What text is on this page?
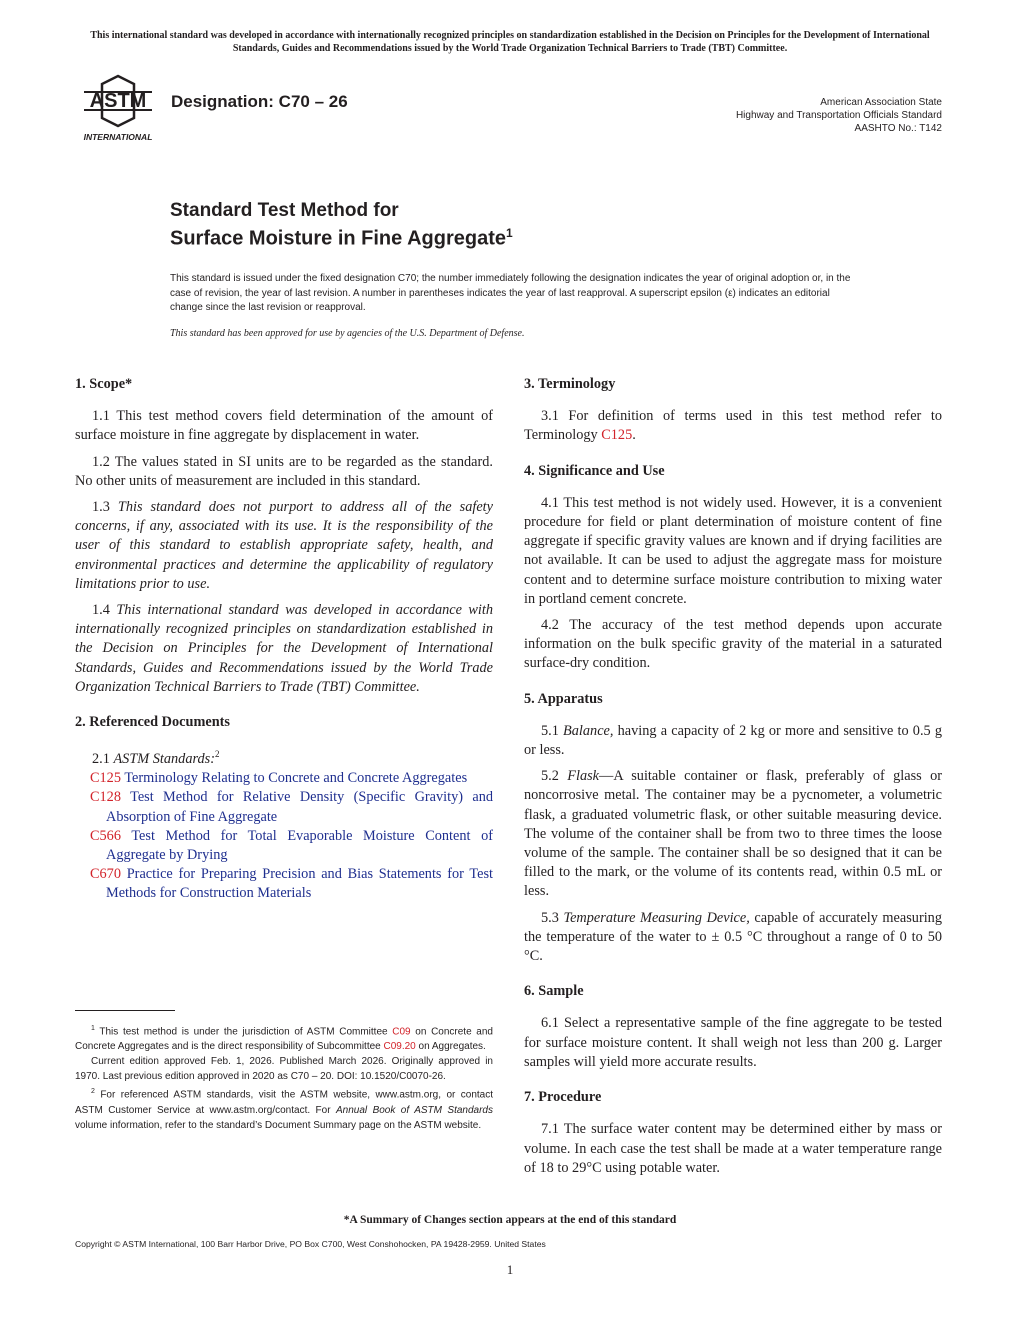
This international standard was developed in accordance with internationally recognized principles on standardization established in the Decision on Principles for the Development of International Standards, Guides and Recommendations issued by the World Trade Organization Technical Barriers to Trade (TBT) Committee.
ASTM
INTERNATIONAL
Designation: C70 – 26	American Association State
Highway and Transportation Officials Standard
AASHTO No.: T142
Standard Test Method for
Surface Moisture in Fine Aggregate$^1$
This standard is issued under the fixed designation C70; the number immediately following the designation indicates the year of original adoption or, in the case of revision, the year of last revision. A number in parentheses indicates the year of last reapproval. A superscript epsilon (ε) indicates an editorial change since the last revision or reapproval.
This standard has been approved for use by agencies of the U.S. Department of Defense.
1. Scope*

1.1 This test method covers field determination of the amount of surface moisture in fine aggregate by displacement in water.

1.2 The values stated in SI units are to be regarded as the standard. No other units of measurement are included in this standard.

1.3 This standard does not purport to address all of the safety concerns, if any, associated with its use. It is the responsibility of the user of this standard to establish appropriate safety, health, and environmental practices and determine the applicability of regulatory limitations prior to use.

1.4 This international standard was developed in accordance with internationally recognized principles on standardization established in the Decision on Principles for the Development of International Standards, Guides and Recommendations issued by the World Trade Organization Technical Barriers to Trade (TBT) Committee.

2. Referenced Documents

2.1 ASTM Standards:$^2$

C125 Terminology Relating to Concrete and Concrete Aggregates

C128 Test Method for Relative Density (Specific Gravity) and Absorption of Fine Aggregate

C566 Test Method for Total Evaporable Moisture Content of Aggregate by Drying

C670 Practice for Preparing Precision and Bias Statements for Test Methods for Construction Materials

3. Terminology

3.1 For definition of terms used in this test method refer to Terminology C125.

4. Significance and Use

4.1 This test method is not widely used. However, it is a convenient procedure for field or plant determination of moisture content of fine aggregate if specific gravity values are known and if drying facilities are not available. It can be used to adjust the aggregate mass for moisture content and to determine surface moisture contribution to mixing water in portland cement concrete.

4.2 The accuracy of the test method depends upon accurate information on the bulk specific gravity of the material in a saturated surface-dry condition.

5. Apparatus

5.1 Balance, having a capacity of 2 kg or more and sensitive to 0.5 g or less.

5.2 Flask—A suitable container or flask, preferably of glass or noncorrosive metal. The container may be a pycnometer, a volumetric flask, a graduated volumetric flask, or other suitable measuring device. The volume of the container shall be from two to three times the loose volume of the sample. The container shall be so designed that it can be filled to the mark, or the volume of its contents read, within 0.5 mL or less.

5.3 Temperature Measuring Device, capable of accurately measuring the temperature of the water to ± 0.5 °C throughout a range of 0 to 50 °C.

6. Sample

6.1 Select a representative sample of the fine aggregate to be tested for surface moisture content. It shall weigh not less than 200 g. Larger samples will yield more accurate results.

7. Procedure

7.1 The surface water content may be determined either by mass or volume. In each case the test shall be made at a water temperature range of 18 to 29°C using potable water.

$^1$ This test method is under the jurisdiction of ASTM Committee C09 on Concrete and Concrete Aggregates and is the direct responsibility of Subcommittee C09.20 on Aggregates.

Current edition approved Feb. 1, 2026. Published March 2026. Originally approved in 1970. Last previous edition approved in 2020 as C70 – 20. DOI: 10.1520/C0070-26.

$^2$ For referenced ASTM standards, visit the ASTM website, www.astm.org, or contact ASTM Customer Service at www.astm.org/contact. For Annual Book of ASTM Standards volume information, refer to the standard’s Document Summary page on the ASTM website.

*A Summary of Changes section appears at the end of this standard
Copyright © ASTM International, 100 Barr Harbor Drive, PO Box C700, West Conshohocken, PA 19428-2959. United States
1
